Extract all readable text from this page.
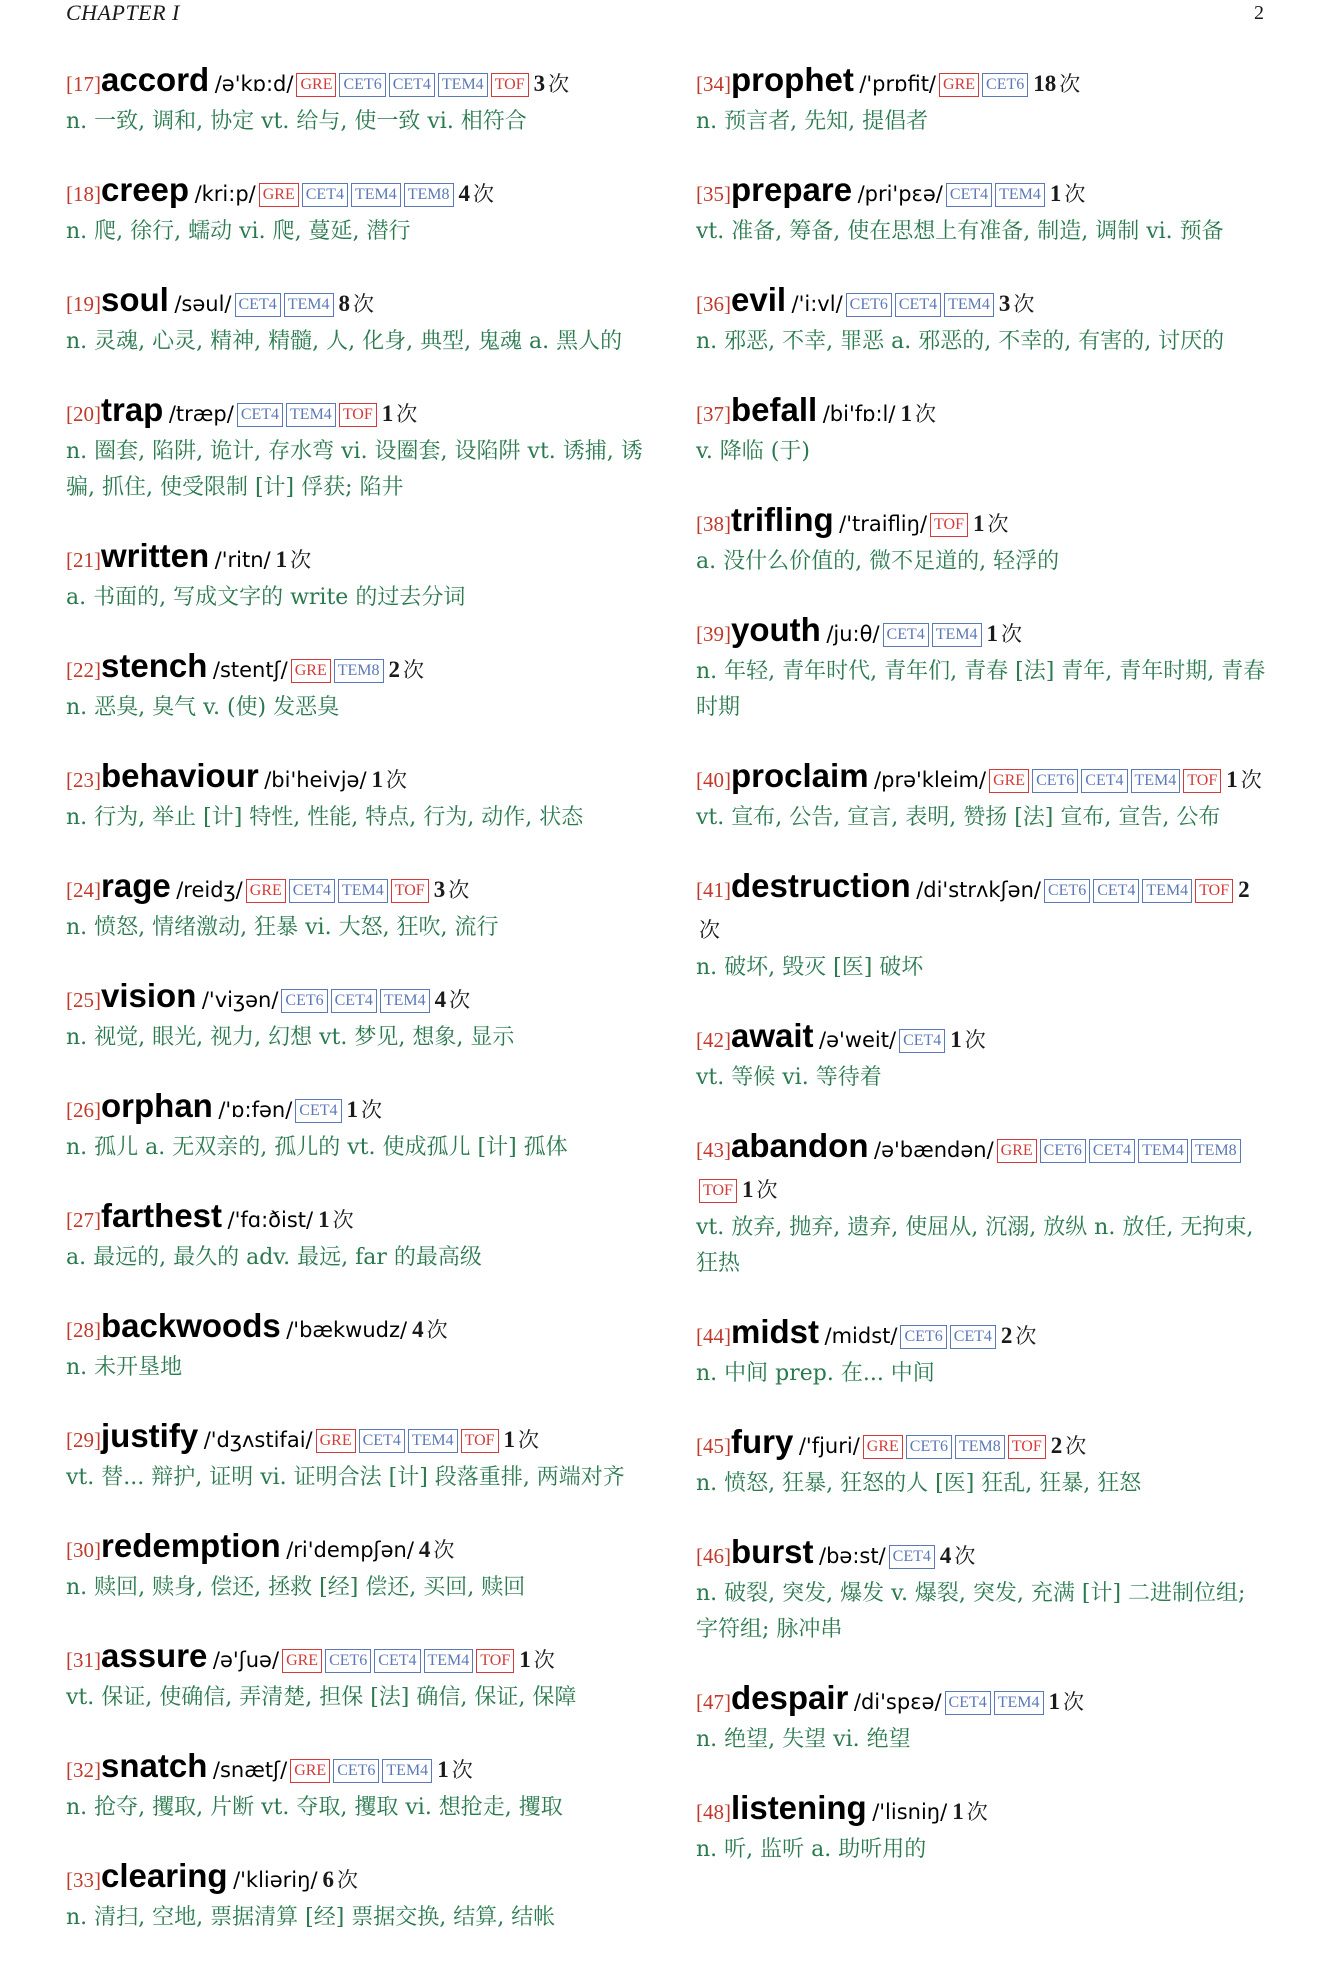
CHAPTER I	2
[17]accord /ə'kɒ:d/ GRE CET6 CET4 TEM4 TOF 3 次
n. 一致, 调和, 协定 vt. 给与, 使一致 vi. 相符合
[18]creep /kri:p/ GRE CET4 TEM4 TEM8 4 次
n. 爬, 徐行, 蠕动 vi. 爬, 蔓延, 潜行
[19]soul /səul/ CET4 TEM4 8 次
n. 灵魂, 心灵, 精神, 精髓, 人, 化身, 典型, 鬼魂 a. 黑人的
[20]trap /træp/ CET4 TEM4 TOF 1 次
n. 圈套, 陷阱, 诡计, 存水弯 vi. 设圈套, 设陷阱 vt. 诱捕, 诱骗, 抓住, 使受限制 [计] 俘获; 陷井
[21]written /'ritn/ 1 次
a. 书面的, 写成文字的 write 的过去分词
[22]stench /stentʃ/ GRE TEM8 2 次
n. 恶臭, 臭气 v. (使) 发恶臭
[23]behaviour /bi'heivjə/ 1 次
n. 行为, 举止 [计] 特性, 性能, 特点, 行为, 动作, 状态
[24]rage /reidʒ/ GRE CET4 TEM4 TOF 3 次
n. 愤怒, 情绪激动, 狂暴 vi. 大怒, 狂吹, 流行
[25]vision /'viʒən/ CET6 CET4 TEM4 4 次
n. 视觉, 眼光, 视力, 幻想 vt. 梦见, 想象, 显示
[26]orphan /'ɒ:fən/ CET4 1 次
n. 孤儿 a. 无双亲的, 孤儿的 vt. 使成孤儿 [计] 孤体
[27]farthest /'fɑ:ðist/ 1 次
a. 最远的, 最久的 adv. 最远, far 的最高级
[28]backwoods /'bækwudz/ 4 次
n. 未开垦地
[29]justify /'dʒʌstifai/ GRE CET4 TEM4 TOF 1 次
vt. 替... 辩护, 证明 vi. 证明合法 [计] 段落重排, 两端对齐
[30]redemption /ri'dempʃən/ 4 次
n. 赎回, 赎身, 偿还, 拯救 [经] 偿还, 买回, 赎回
[31]assure /ə'ʃuə/ GRE CET6 CET4 TEM4 TOF 1 次
vt. 保证, 使确信, 弄清楚, 担保 [法] 确信, 保证, 保障
[32]snatch /snætʃ/ GRE CET6 TEM4 1 次
n. 抢夺, 攫取, 片断 vt. 夺取, 攫取 vi. 想抢走, 攫取
[33]clearing /'kliəriŋ/ 6 次
n. 清扫, 空地, 票据清算 [经] 票据交换, 结算, 结帐
[34]prophet /'prɒfit/ GRE CET6 18 次
n. 预言者, 先知, 提倡者
[35]prepare /pri'pɛə/ CET4 TEM4 1 次
vt. 准备, 筹备, 使在思想上有准备, 制造, 调制 vi. 预备
[36]evil /'i:vl/ CET6 CET4 TEM4 3 次
n. 邪恶, 不幸, 罪恶 a. 邪恶的, 不幸的, 有害的, 讨厌的
[37]befall /bi'fɒ:l/ 1 次
v. 降临 (于)
[38]trifling /'traifliŋ/ TOF 1 次
a. 没什么价值的, 微不足道的, 轻浮的
[39]youth /ju:θ/ CET4 TEM4 1 次
n. 年轻, 青年时代, 青年们, 青春 [法] 青年, 青年时期, 青春时期
[40]proclaim /prə'kleim/ GRE CET6 CET4 TEM4 TOF 1 次
vt. 宣布, 公告, 宣言, 表明, 赞扬 [法] 宣布, 宣告, 公布
[41]destruction /di'strʌkʃən/ CET6 CET4 TEM4 TOF 2次
n. 破坏, 毁灭 [医] 破坏
[42]await /ə'weit/ CET4 1 次
vt. 等候 vi. 等待着
[43]abandon /ə'bændən/ GRE CET6 CET4 TEM4 TEM8TOF 1 次
vt. 放弃, 抛弃, 遗弃, 使屈从, 沉溺, 放纵 n. 放任, 无拘束, 狂热
[44]midst /midst/ CET6 CET4 2 次
n. 中间 prep. 在... 中间
[45]fury /'fjuri/ GRE CET6 TEM8 TOF 2 次
n. 愤怒, 狂暴, 狂怒的人 [医] 狂乱, 狂暴, 狂怒
[46]burst /bə:st/ CET4 4 次
n. 破裂, 突发, 爆发 v. 爆裂, 突发, 充满 [计] 二进制位组; 字符组; 脉冲串
[47]despair /di'spɛə/ CET4 TEM4 1 次
n. 绝望, 失望 vi. 绝望
[48]listening /'lisniŋ/ 1 次
n. 听, 监听 a. 助听用的
